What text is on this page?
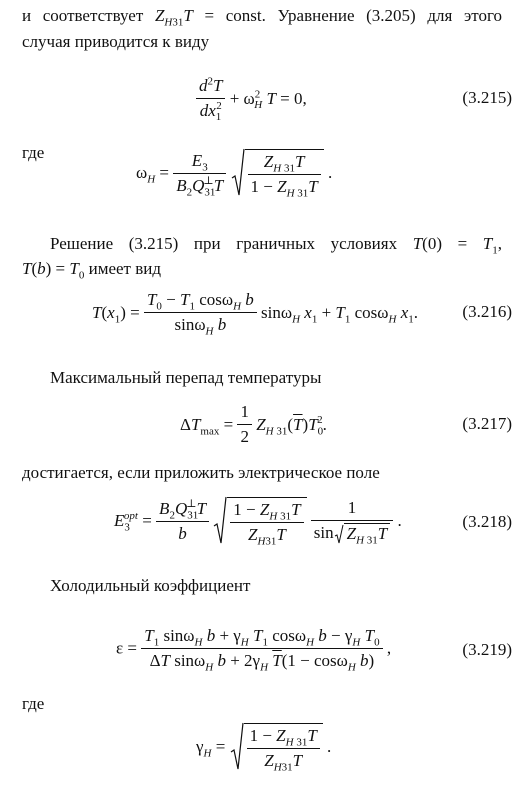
и соответствует $Z_{H31}T$ = const. Уравнение (3.205) для этого
случая приводится к виду
$\frac{d^2T}{dx_1^2} + \omega^2_H$ T = 0,	(3.215)
где
$\omega_H = \frac{E_3}{B_2Q_{31}^\perp T}$
$\frac{Z_{H 31}T}{1 - Z_{H 31}T}$ .
Решение (3.215) при граничных условиях $T(0) = T_1$,
$T(b) = T_0$ имеет вид
$T(x_1) = \frac{T_0 - T_1 \cos\omega_H b}{\sin\omega_H b} \sin\omega_H$ $x_1 + T_1$ cosω$_H$ $x_1$.	(3.216)
Максимальный перепад температуры
$\Delta T_{max} = \frac{1}{2} Z_{H 31}(\overline{T})T_0^2$.	(3.217)
достигается, если приложить электрическое поле
$E_3^{opt} = \frac{B_2Q_{31}^\perp T}{b}$
$\frac{1 - Z_{H 31}T}{Z_{H31}T}$
$\frac{1}{\sin Z_{H 31}T}$ .	(3.218)
Холодильный коэффициент
$\varepsilon = \frac{T_1 \sin\omega_H b + \gamma_H T_1 \cos\omega_H b - \gamma_H T_0}{\Delta T \sin\omega_H b + 2\gamma_H \overline{T}(1 - \cos\omega_H b)}$ ,	(3.219)
где
$\gamma_H = \frac{1 - Z_{H 31}T}{Z_{H31}T}$ .
